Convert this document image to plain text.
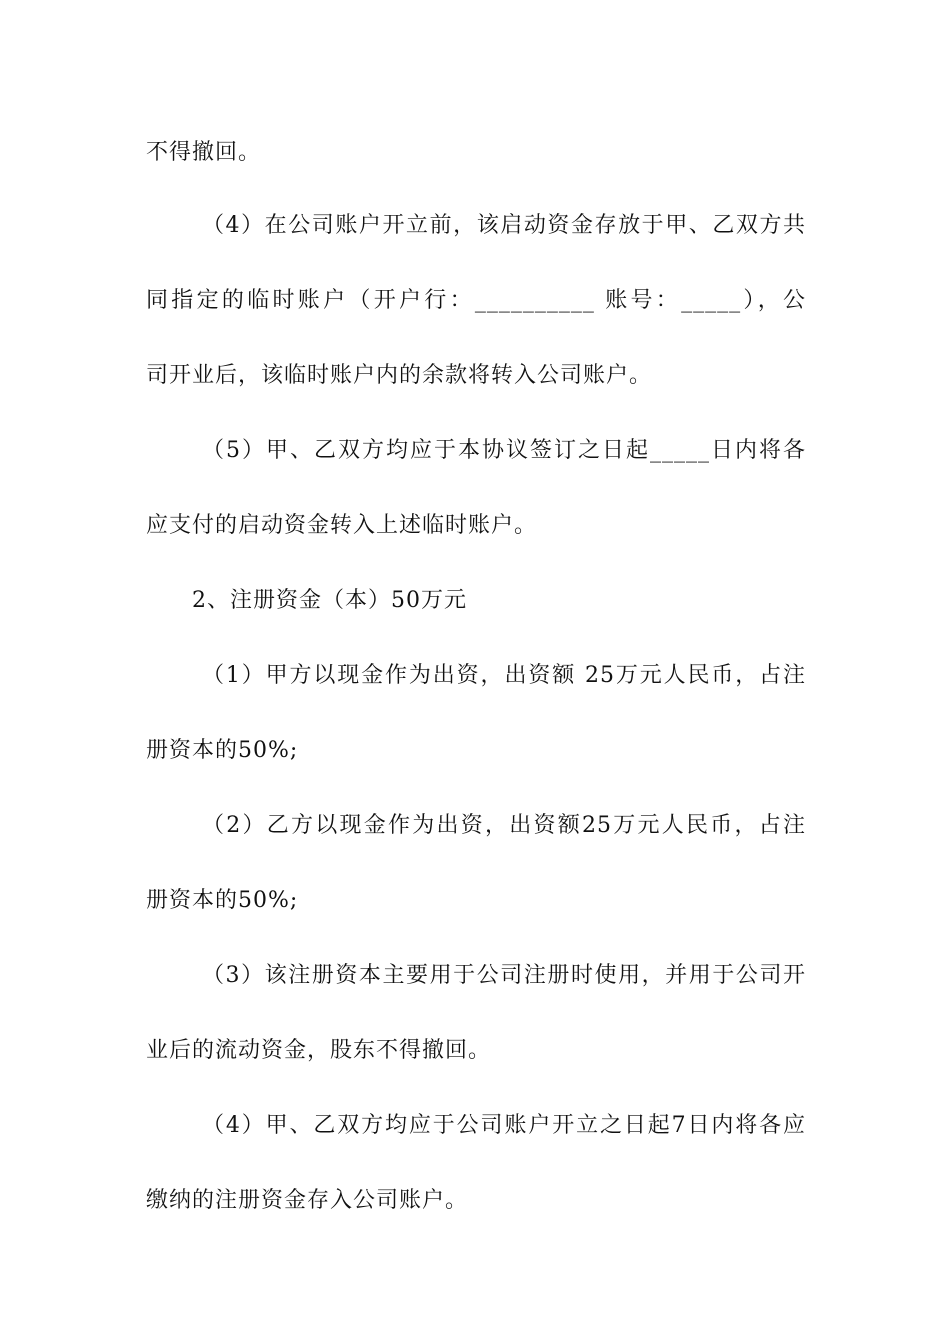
不得撤回。
（4）在公司账户开立前，该启动资金存放于甲、乙双方共
同指定的临时账户（开户行：__________ 账号：_____），公
司开业后，该临时账户内的余款将转入公司账户。
（5）甲、乙双方均应于本协议签订之日起_____日内将各
应支付的启动资金转入上述临时账户。
2、注册资金（本）50万元
（1）甲方以现金作为出资，出资额 25万元人民币，占注
册资本的50%;
（2）乙方以现金作为出资，出资额25万元人民币，占注
册资本的50%;
（3）该注册资本主要用于公司注册时使用，并用于公司开
业后的流动资金，股东不得撤回。
（4）甲、乙双方均应于公司账户开立之日起7日内将各应
缴纳的注册资金存入公司账户。
